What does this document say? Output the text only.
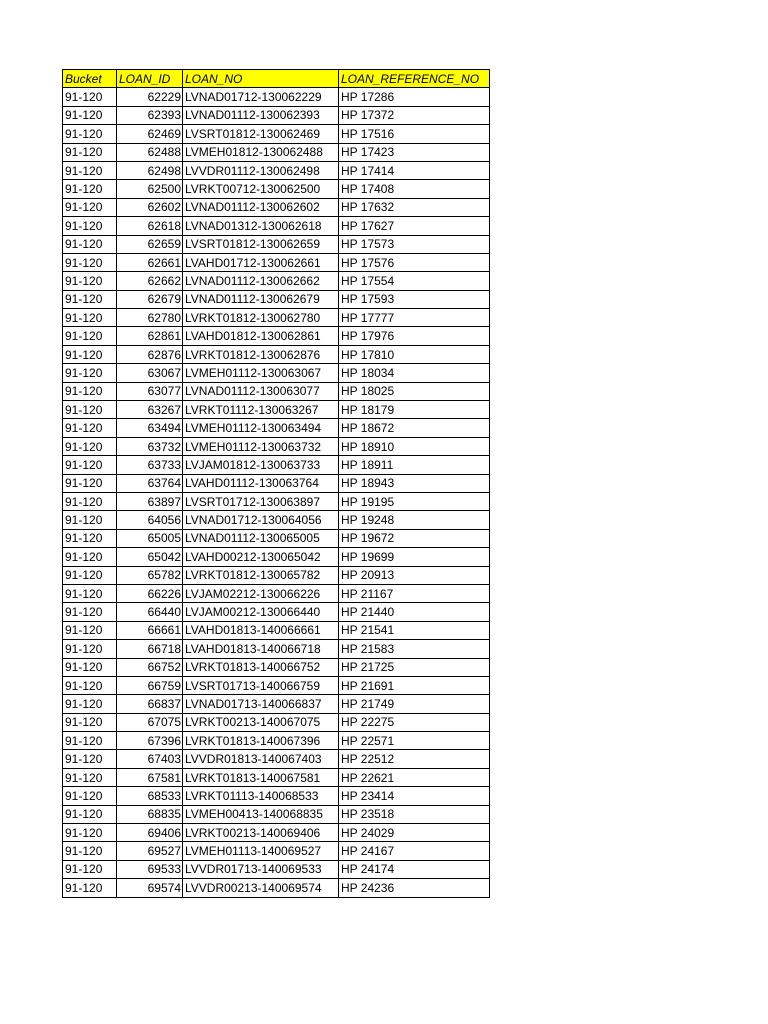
Bucket	LOAN_ID	LOAN_NO	LOAN_REFERENCE_NO
91-120	62229	LVNAD01712-130062229	HP 17286
91-120	62393	LVNAD01112-130062393	HP 17372
91-120	62469	LVSRT01812-130062469	HP 17516
91-120	62488	LVMEH01812-130062488	HP 17423
91-120	62498	LVVDR01112-130062498	HP 17414
91-120	62500	LVRKT00712-130062500	HP 17408
91-120	62602	LVNAD01112-130062602	HP 17632
91-120	62618	LVNAD01312-130062618	HP 17627
91-120	62659	LVSRT01812-130062659	HP 17573
91-120	62661	LVAHD01712-130062661	HP 17576
91-120	62662	LVNAD01112-130062662	HP 17554
91-120	62679	LVNAD01112-130062679	HP 17593
91-120	62780	LVRKT01812-130062780	HP 17777
91-120	62861	LVAHD01812-130062861	HP 17976
91-120	62876	LVRKT01812-130062876	HP 17810
91-120	63067	LVMEH01112-130063067	HP 18034
91-120	63077	LVNAD01112-130063077	HP 18025
91-120	63267	LVRKT01112-130063267	HP 18179
91-120	63494	LVMEH01112-130063494	HP 18672
91-120	63732	LVMEH01112-130063732	HP 18910
91-120	63733	LVJAM01812-130063733	HP 18911
91-120	63764	LVAHD01112-130063764	HP 18943
91-120	63897	LVSRT01712-130063897	HP 19195
91-120	64056	LVNAD01712-130064056	HP 19248
91-120	65005	LVNAD01112-130065005	HP 19672
91-120	65042	LVAHD00212-130065042	HP 19699
91-120	65782	LVRKT01812-130065782	HP 20913
91-120	66226	LVJAM02212-130066226	HP 21167
91-120	66440	LVJAM00212-130066440	HP 21440
91-120	66661	LVAHD01813-140066661	HP 21541
91-120	66718	LVAHD01813-140066718	HP 21583
91-120	66752	LVRKT01813-140066752	HP 21725
91-120	66759	LVSRT01713-140066759	HP 21691
91-120	66837	LVNAD01713-140066837	HP 21749
91-120	67075	LVRKT00213-140067075	HP 22275
91-120	67396	LVRKT01813-140067396	HP 22571
91-120	67403	LVVDR01813-140067403	HP 22512
91-120	67581	LVRKT01813-140067581	HP 22621
91-120	68533	LVRKT01113-140068533	HP 23414
91-120	68835	LVMEH00413-140068835	HP 23518
91-120	69406	LVRKT00213-140069406	HP 24029
91-120	69527	LVMEH01113-140069527	HP 24167
91-120	69533	LVVDR01713-140069533	HP 24174
91-120	69574	LVVDR00213-140069574	HP 24236
